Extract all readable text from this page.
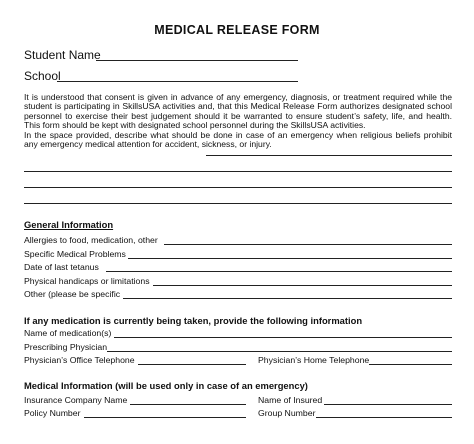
MEDICAL RELEASE FORM
Student Name
School

It is understood that consent is given in advance of any emergency, diagnosis, or treatment required while the student is participating in SkillsUSA activities and, that this Medical Release Form authorizes designated school personnel to exercise their best judgement should it be warranted to ensure student’s safety, life, and health. This form should be kept with designated school personnel during the SkillsUSA activities.

In the space provided, describe what should be done in case of an emergency when religious beliefs prohibit any emergency medical attention for accident, sickness, or injury.

General Information
Allergies to food, medication, other
Specific Medical Problems
Date of last tetanus
Physical handicaps or limitations
Other (please be specific
If any medication is currently being taken, provide the following information
Name of medication(s)
Prescribing Physician
Physician’s Office Telephone	Physician’s Home Telephone
Medical Information (will be used only in case of an emergency)
Insurance Company Name	Name of Insured
Policy Number	Group Number
